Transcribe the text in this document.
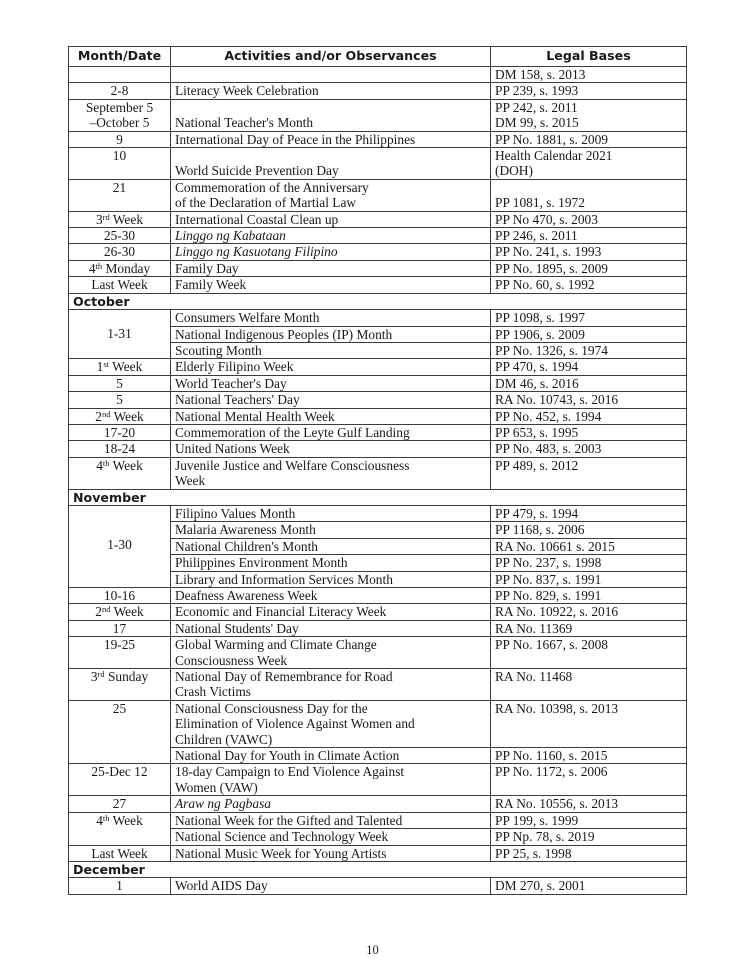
Month/Date	Activities and/or Observances	Legal Bases
		DM 158, s. 2013
2-8	Literacy Week Celebration	PP 239, s. 1993
September 5
–October 5	National Teacher's Month	PP 242, s. 2011
DM 99, s. 2015
9	International Day of Peace in the Philippines	PP No. 1881, s. 2009
10	World Suicide Prevention Day	Health Calendar 2021
(DOH)
21	Commemoration of the Anniversary
of the Declaration of Martial Law	PP 1081, s. 1972
3rd Week	International Coastal Clean up	PP No 470, s. 2003
25-30	Linggo ng Kabataan	PP 246, s. 2011
26-30	Linggo ng Kasuotang Filipino	PP No. 241, s. 1993
4th Monday	Family Day	PP No. 1895, s. 2009
Last Week	Family Week	PP No. 60, s. 1992
October		

1-31	Consumers Welfare Month	PP 1098, s. 1997
	National Indigenous Peoples (IP) Month	PP 1906, s. 2009
	Scouting Month	PP No. 1326, s. 1974
1st Week	Elderly Filipino Week	PP 470, s. 1994
5	World Teacher's Day	DM 46, s. 2016
5	National Teachers' Day	RA No. 10743, s. 2016
2nd Week	National Mental Health Week	PP No. 452, s. 1994
17-20	Commemoration of the Leyte Gulf Landing	PP 653, s. 1995
18-24	United Nations Week	PP No. 483, s. 2003
4th Week	Juvenile Justice and Welfare Consciousness
Week	PP 489, s. 2012
November		

1-30	Filipino Values Month	PP 479, s. 1994
	Malaria Awareness Month	PP 1168, s. 2006
	National Children's Month	RA No. 10661 s. 2015
	Philippines Environment Month	PP No. 237, s. 1998
	Library and Information Services Month	PP No. 837, s. 1991
10-16	Deafness Awareness Week	PP No. 829, s. 1991
2nd Week	Economic and Financial Literacy Week	RA No. 10922, s. 2016
17	National Students' Day	RA No. 11369
19-25	Global Warming and Climate Change
Consciousness Week	PP No. 1667, s. 2008
3rd Sunday	National Day of Remembrance for Road
Crash Victims	RA No. 11468
25	National Consciousness Day for the
Elimination of Violence Against Women and
Children (VAWC)	RA No. 10398, s. 2013
	National Day for Youth in Climate Action	PP No. 1160, s. 2015
25-Dec 12	18-day Campaign to End Violence Against
Women (VAW)	PP No. 1172, s. 2006
27	Araw ng Pagbasa	RA No. 10556, s. 2013
4th Week	National Week for the Gifted and Talented	PP 199, s. 1999
	National Science and Technology Week	PP Np. 78, s. 2019
Last Week	National Music Week for Young Artists	PP 25, s. 1998
December		
1	World AIDS Day	DM 270, s. 2001
10
